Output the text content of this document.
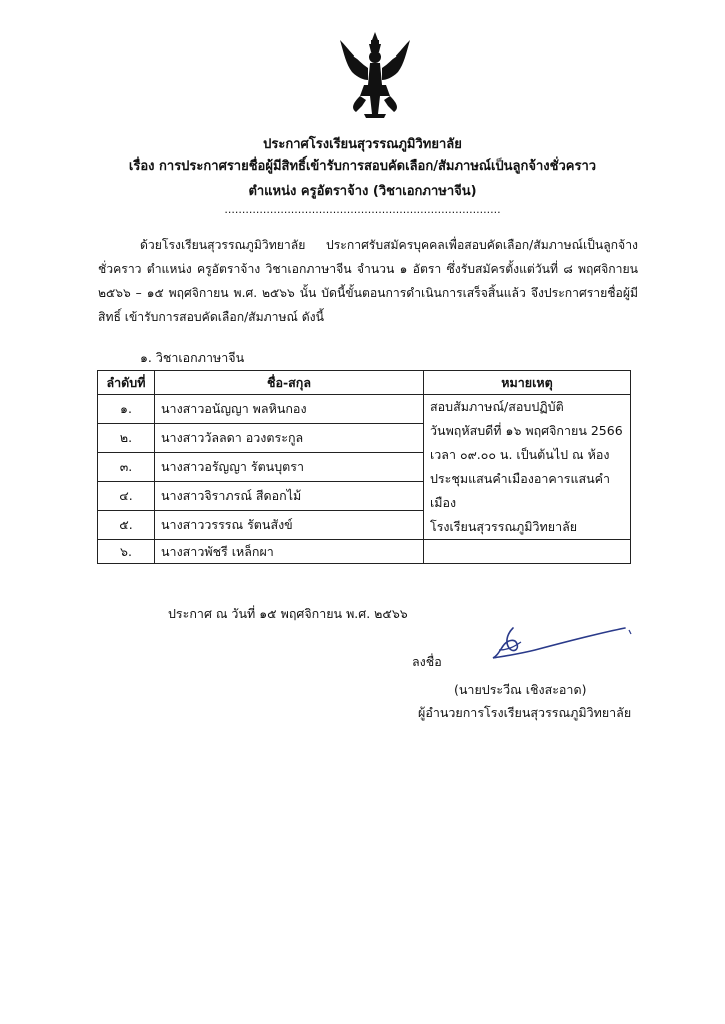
ประกาศโรงเรียนสุวรรณภูมิวิทยาลัย
เรื่อง การประกาศรายชื่อผู้มีสิทธิ์เข้ารับการสอบคัดเลือก/สัมภาษณ์เป็นลูกจ้างชั่วคราว
ตำแหน่ง ครูอัตราจ้าง (วิชาเอกภาษาจีน)
...............................................................................
ด้วยโรงเรียนสุวรรณภูมิวิทยาลัย ประกาศรับสมัครบุคคลเพื่อสอบคัดเลือก/สัมภาษณ์เป็นลูกจ้างชั่วคราว ตำแหน่ง ครูอัตราจ้าง วิชาเอกภาษาจีน จำนวน ๑ อัตรา ซึ่งรับสมัครตั้งแต่วันที่ ๘ พฤศจิกายน ๒๕๖๖ – ๑๕ พฤศจิกายน พ.ศ. ๒๕๖๖ นั้น บัดนี้ขั้นตอนการดำเนินการเสร็จสิ้นแล้ว จึงประกาศรายชื่อผู้มีสิทธิ์ เข้ารับการสอบคัดเลือก/สัมภาษณ์ ดังนี้
๑. วิชาเอกภาษาจีน
ลำดับที่	ชื่อ-สกุล	หมายเหตุ
๑.	นางสาวอนัญญา พลหินกอง	สอบสัมภาษณ์/สอบปฏิบัติ
วันพฤหัสบดีที่ ๑๖ พฤศจิกายน 2566
เวลา ๐๙.๐๐ น. เป็นต้นไป ณ ห้อง
ประชุมแสนคำเมืองอาคารแสนคำเมือง
โรงเรียนสุวรรณภูมิวิทยาลัย

๒.	นางสาววัลลดา อวงตระกูล	
๓.	นางสาวอรัญญา รัตนบุตรา	
๔.	นางสาวจิราภรณ์ สีดอกไม้	
๕.	นางสาววรรรณ รัตนสังข์	
๖.	นางสาวพัชรี เหล็กผา	
ประกาศ ณ วันที่ ๑๕ พฤศจิกายน พ.ศ. ๒๕๖๖
ลงชื่อ
(นายประวีณ เชิงสะอาด)
ผู้อำนวยการโรงเรียนสุวรรณภูมิวิทยาลัย
